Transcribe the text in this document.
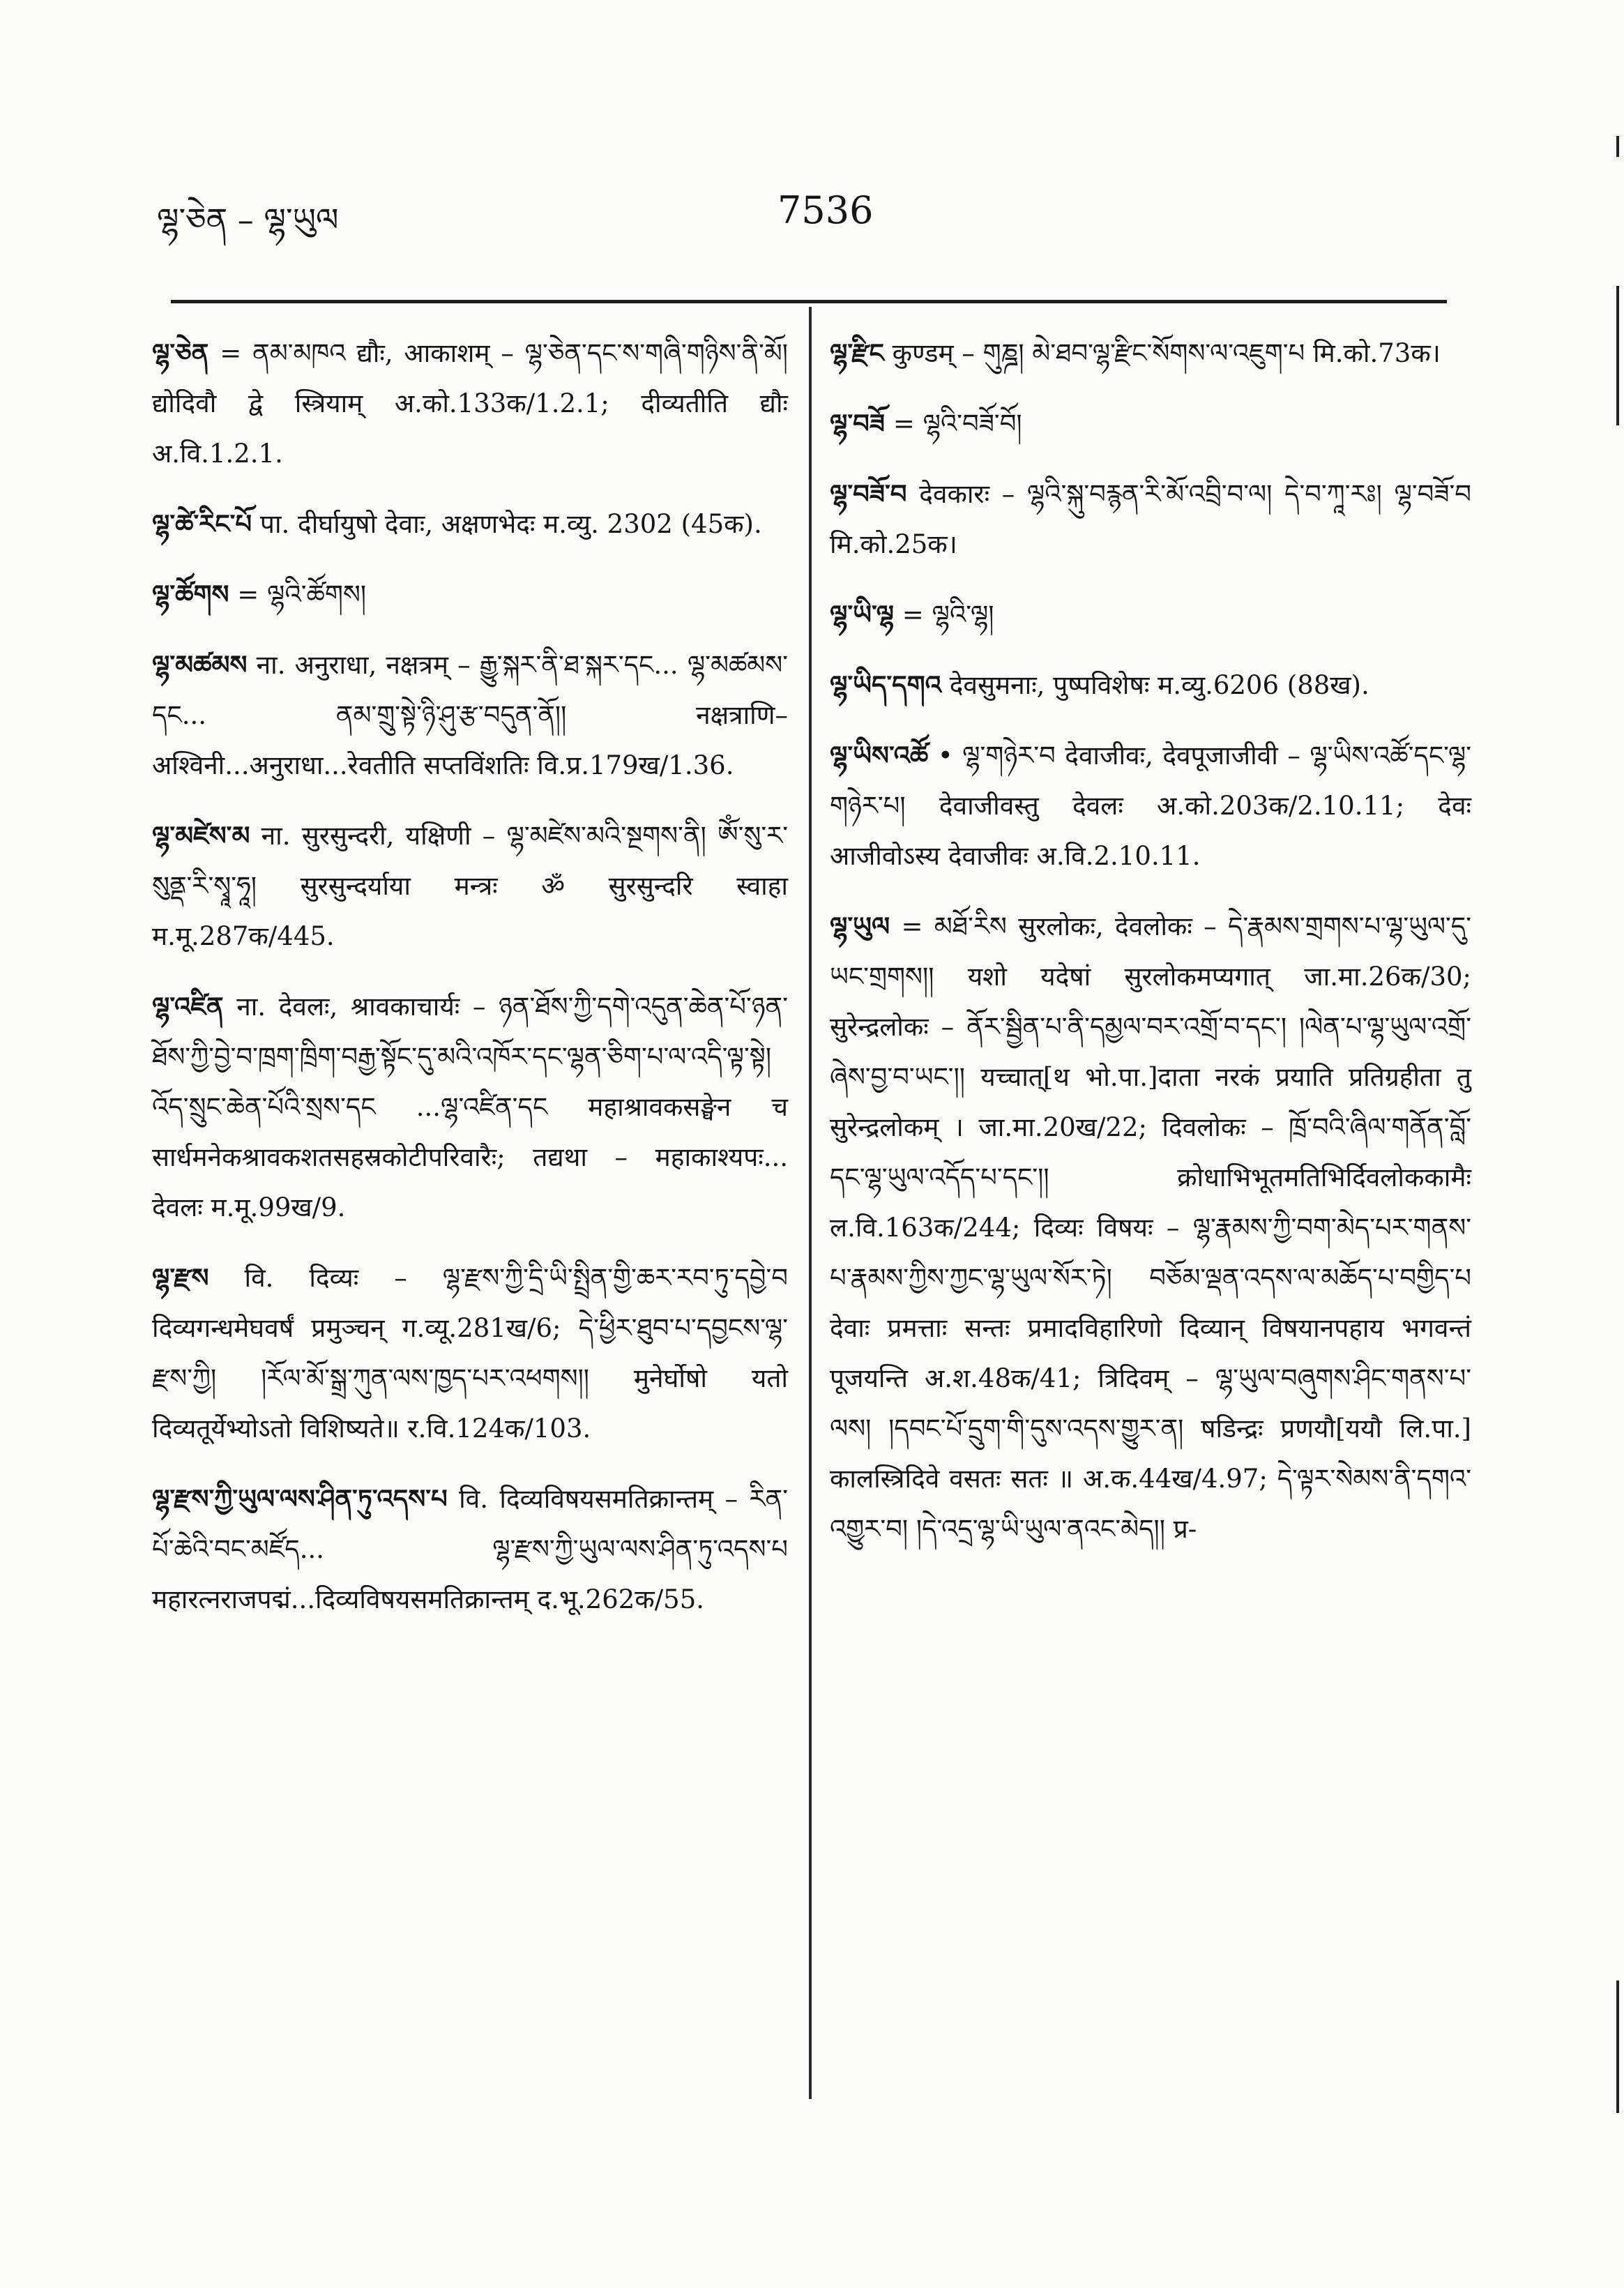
ལྷ་ཅེན – ལྷ་ཡུལ	7536

ལྷ་ཅེན = ནམ་མཁའ द्यौः, आकाशम् – ལྷ་ཅེན་དང་ས་གཞི་གཉིས་ནི་མོ། द्योदिवौ द्वे स्त्रियाम् अ.को.133क/1.2.1; दीव्यतीति द्यौः अ.वि.1.2.1.

ལྷ་ཚེ་རིང་པོ पा. दीर्घायुषो देवाः, अक्षणभेदः म.व्यु. 2302 (45क).

ལྷ་ཚོགས = ལྷའི་ཚོགས།

ལྷ་མཚམས ना. अनुराधा, नक्षत्रम् – རྒྱུ་སྐར་ནི་ཐ་སྐར་དང... ལྷ་མཚམས་དང... ནམ་གྲུ་སྟེ་ཉི་ཤུ་རྩ་བདུན་ནོ།། नक्षत्राणि–अश्विनी...अनुराधा...रेवतीति सप्तविंशतिः वि.प्र.179ख/1.36.

ལྷ་མཛེས་མ ना. सुरसुन्दरी, यक्षिणी – ལྷ་མཛེས་མའི་སྔགས་ནི། ཨོཾ་སུ་ར་སུནྡ་རི་སྭཱ་ཧཱ། सुरसुन्दर्याया मन्त्रः ॐ सुरसुन्दरि स्वाहा म.मू.287क/445.

ལྷ་འཛིན ना. देवलः, श्रावकाचार्यः – ཉན་ཐོས་ཀྱི་དགེ་འདུན་ཆེན་པོ་ཉན་ཐོས་ཀྱི་བྱེ་བ་ཁྲག་ཁྲིག་བརྒྱ་སྟོང་དུ་མའི་འཁོར་དང་ལྷན་ཅིག་པ་ལ་འདི་ལྟ་སྟེ། འོད་སྲུང་ཆེན་པོའི་སྲས་དང ...ལྷ་འཛིན་དང महाश्रावकसङ्घेन च सार्धमनेकश्रावकशतसहस्रकोटीपरिवारैः; तद्यथा – महाकाश्यपः... देवलः म.मू.99ख/9.

ལྷ་རྫས वि. दिव्यः – ལྷ་རྫས་ཀྱི་དྲི་ཡི་སྤྲིན་གྱི་ཆར་རབ་ཏུ་དབྱེ་བ दिव्यगन्धमेघवर्षं प्रमुञ्चन् ग.व्यू.281ख/6; དེ་ཕྱིར་ཐུབ་པ་དབྱངས་ལྷ་རྫས་ཀྱི། །རོལ་མོ་སྒྲ་ཀུན་ལས་ཁྱད་པར་འཕགས།། मुनेर्घोषो यतो दिव्यतूर्येभ्योऽतो विशिष्यते॥ र.वि.124क/103.

ལྷ་རྫས་ཀྱི་ཡུལ་ལས་ཤིན་ཏུ་འདས་པ वि. दिव्यविषयसमतिक्रान्तम् – རིན་པོ་ཆེའི་བང་མཛོད... ལྷ་རྫས་ཀྱི་ཡུལ་ལས་ཤིན་ཏུ་འདས་པ महारत्नराजपद्मं...दिव्यविषयसमतिक्रान्तम् द.भू.262क/55.

ལྷ་རྫིང कुण्डम् – གུཎྜ། མེ་ཐབ་ལྷ་རྫིང་སོགས་ལ་འཇུག་པ मि.को.73क।

ལྷ་བཟོ = ལྷའི་བཟོ་བོ།

ལྷ་བཟོ་བ देवकारः – ལྷའི་སྐུ་བརྙན་རི་མོ་འབྲི་བ་ལ། དེ་བ་ཀཱ་རཿ། ལྷ་བཟོ་བ मि.को.25क।

ལྷ་ཡི་ལྷ = ལྷའི་ལྷ།

ལྷ་ཡིད་དགའ देवसुमनाः, पुष्पविशेषः म.व्यु.6206 (88ख).

ལྷ་ཡིས་འཚོ • ལྷ་གཉེར་བ देवाजीवः, देवपूजाजीवी – ལྷ་ཡིས་འཚོ་དང་ལྷ་གཉེར་པ། देवाजीवस्तु देवलः अ.को.203क/2.10.11; देवः आजीवोऽस्य देवाजीवः अ.वि.2.10.11.

ལྷ་ཡུལ = མཐོ་རིས सुरलोकः, देवलोकः – དེ་རྣམས་གྲགས་པ་ལྷ་ཡུལ་དུ་ཡང་གྲགས།། यशो यदेषां सुरलोकमप्यगात् जा.मा.26क/30; सुरेन्द्रलोकः – ནོར་སྦྱིན་པ་ནི་དམྱལ་བར་འགྲོ་བ་དང་། །ལེན་པ་ལྷ་ཡུལ་འགྲོ་ཞེས་བྱ་བ་ཡང་།། यच्चात्[थ भो.पा.]दाता नरकं प्रयाति प्रतिग्रहीता तु सुरेन्द्रलोकम् । जा.मा.20ख/22; दिवलोकः – ཁྲོ་བའི་ཞིལ་གནོན་བློ་དང་ལྷ་ཡུལ་འདོད་པ་དང་།། क्रोधाभिभूतमतिभिर्दिवलोककामैः ल.वि.163क/244; दिव्यः विषयः – ལྷ་རྣམས་ཀྱི་བག་མེད་པར་གནས་པ་རྣམས་ཀྱིས་ཀྱང་ལྷ་ཡུལ་སོར་ཏེ། བཅོམ་ལྡན་འདས་ལ་མཆོད་པ་བགྱིད་པ देवाः प्रमत्ताः सन्तः प्रमादविहारिणो दिव्यान् विषयानपहाय भगवन्तं पूजयन्ति अ.श.48क/41; त्रिदिवम् – ལྷ་ཡུལ་བཞུགས་ཤིང་གནས་པ་ལས། །དབང་པོ་དྲུག་གི་དུས་འདས་གྱུར་ན། षडिन्द्रः प्रणयौ[ययौ लि.पा.] कालस्त्रिदिवे वसतः सतः ॥ अ.क.44ख/4.97; དེ་ལྟར་སེམས་ནི་དགའ་འགྱུར་བ། །དེ་འདྲ་ལྷ་ཡི་ཡུལ་ནའང་མེད།། प्र-
